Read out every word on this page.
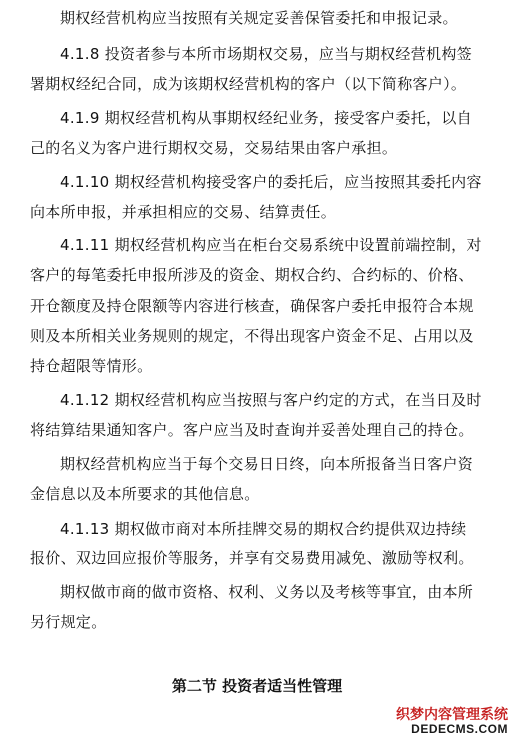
期权经营机构应当按照有关规定妥善保管委托和申报记录。
4.1.8 投资者参与本所市场期权交易，应当与期权经营机构签
署期权经纪合同，成为该期权经营机构的客户（以下简称客户）。
4.1.9 期权经营机构从事期权经纪业务，接受客户委托，以自
己的名义为客户进行期权交易，交易结果由客户承担。
4.1.10 期权经营机构接受客户的委托后，应当按照其委托内容
向本所申报，并承担相应的交易、结算责任。
4.1.11 期权经营机构应当在柜台交易系统中设置前端控制，对
客户的每笔委托申报所涉及的资金、期权合约、合约标的、价格、
开仓额度及持仓限额等内容进行核查，确保客户委托申报符合本规
则及本所相关业务规则的规定，不得出现客户资金不足、占用以及
持仓超限等情形。
4.1.12 期权经营机构应当按照与客户约定的方式，在当日及时
将结算结果通知客户。客户应当及时查询并妥善处理自己的持仓。
期权经营机构应当于每个交易日日终，向本所报备当日客户资
金信息以及本所要求的其他信息。
4.1.13 期权做市商对本所挂牌交易的期权合约提供双边持续
报价、双边回应报价等服务，并享有交易费用减免、激励等权利。
期权做市商的做市资格、权利、义务以及考核等事宜，由本所
另行规定。
第二节 投资者适当性管理
织梦内容管理系统
DEDECMS.COM
